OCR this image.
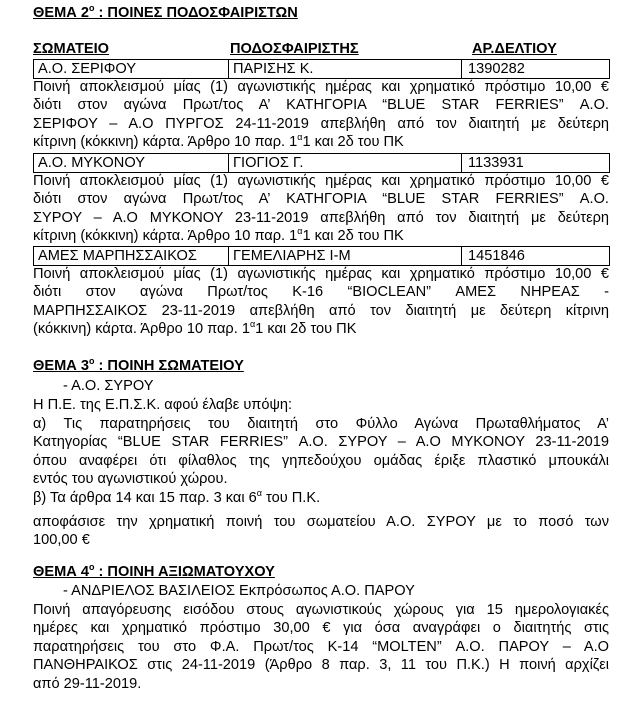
ΘΕΜΑ $2^o$ : ΠΟΙΝΕΣ ΠΟΔΟΣΦΑΙΡΙΣΤΩΝ
ΣΩΜΑΤΕΙΟ	ΠΟΔΟΣΦΑΙΡΙΣΤΗΣ	ΑΡ.ΔΕΛΤΙΟΥ
Α.Ο. ΣΕΡΙΦΟΥ	ΠΑΡΙΣΗΣ Κ.	1390282
Ποινή αποκλεισμού μίας (1) αγωνιστικής ημέρας και χρηματικό πρόστιμο 10,00 €
διότι στον αγώνα Πρωτ/τος Α’ ΚΑΤΗΓΟΡΙΑ “BLUE STAR FERRIES” Α.Ο.
ΣΕΡΙΦΟΥ – Α.Ο ΠΥΡΓΟΣ 24-11-2019 απεβλήθη από τον διαιτητή με δεύτερη
κίτρινη (κόκκινη) κάρτα. Άρθρο 10 παρ. $1^\alpha 1$ και 2δ του ΠΚ
Α.Ο. ΜΥΚΟΝΟΥ	ΓΙΟΓΙΟΣ Γ.	1133931
Ποινή αποκλεισμού μίας (1) αγωνιστικής ημέρας και χρηματικό πρόστιμο 10,00 €
διότι στον αγώνα Πρωτ/τος Α’ ΚΑΤΗΓΟΡΙΑ “BLUE STAR FERRIES” Α.Ο.
ΣΥΡΟΥ – Α.Ο ΜΥΚΟΝΟΥ 23-11-2019 απεβλήθη από τον διαιτητή με δεύτερη
κίτρινη (κόκκινη) κάρτα. Άρθρο 10 παρ. $1^\alpha 1$ και 2δ του ΠΚ
ΑΜΕΣ ΜΑΡΠΗΣΣΑΙΚΟΣ	ΓΕΜΕΛΙΑΡΗΣ Ι-Μ	1451846
Ποινή αποκλεισμού μίας (1) αγωνιστικής ημέρας και χρηματικό πρόστιμο 10,00 €
διότι στον αγώνα Πρωτ/τος Κ-16 “BIOCLEAN” ΑΜΕΣ ΝΗΡΕΑΣ -
ΜΑΡΠΗΣΣΑΙΚΟΣ 23-11-2019 απεβλήθη από τον διαιτητή με δεύτερη κίτρινη
(κόκκινη) κάρτα. Άρθρο 10 παρ. $1^\alpha 1$ και 2δ του ΠΚ
ΘΕΜΑ $3^o$ : ΠΟΙΝΗ ΣΩΜΑΤΕΙΟΥ
- Α.Ο. ΣΥΡΟΥ
Η Π.Ε. της Ε.Π.Σ.Κ. αφού έλαβε υπόψη:
α) Τις παρατηρήσεις του διαιτητή στο Φύλλο Αγώνα Πρωταθλήματος Α’
Κατηγορίας “BLUE STAR FERRIES” Α.Ο. ΣΥΡΟΥ – Α.Ο ΜΥΚΟΝΟΥ 23-11-2019
όπου αναφέρει ότι φίλαθλος της γηπεδούχου ομάδας έριξε πλαστικό μπουκάλι
εντός του αγωνιστικού χώρου.
β) Τα άρθρα 14 και 15 παρ. 3 και $6^\alpha$ του Π.Κ.
αποφάσισε την χρηματική ποινή του σωματείου Α.Ο. ΣΥΡΟΥ με το ποσό των
100,00 €
ΘΕΜΑ $4^o$ : ΠΟΙΝΗ ΑΞΙΩΜΑΤΟΥΧΟΥ
- ΑΝΔΡΙΕΛΟΣ ΒΑΣΙΛΕΙΟΣ Εκπρόσωπος Α.Ο. ΠΑΡΟΥ
Ποινή απαγόρευσης εισόδου στους αγωνιστικούς χώρους για 15 ημερολογιακές
ημέρες και χρηματικό πρόστιμο 30,00 € για όσα αναγράφει ο διαιτητής στις
παρατηρήσεις του στο Φ.Α. Πρωτ/τος Κ-14 “MOLTEN” Α.Ο. ΠΑΡΟΥ – Α.Ο
ΠΑΝΘΗΡΑΙΚΟΣ στις 24-11-2019 (Άρθρο 8 παρ. 3, 11 του Π.Κ.) Η ποινή αρχίζει
από 29-11-2019.
